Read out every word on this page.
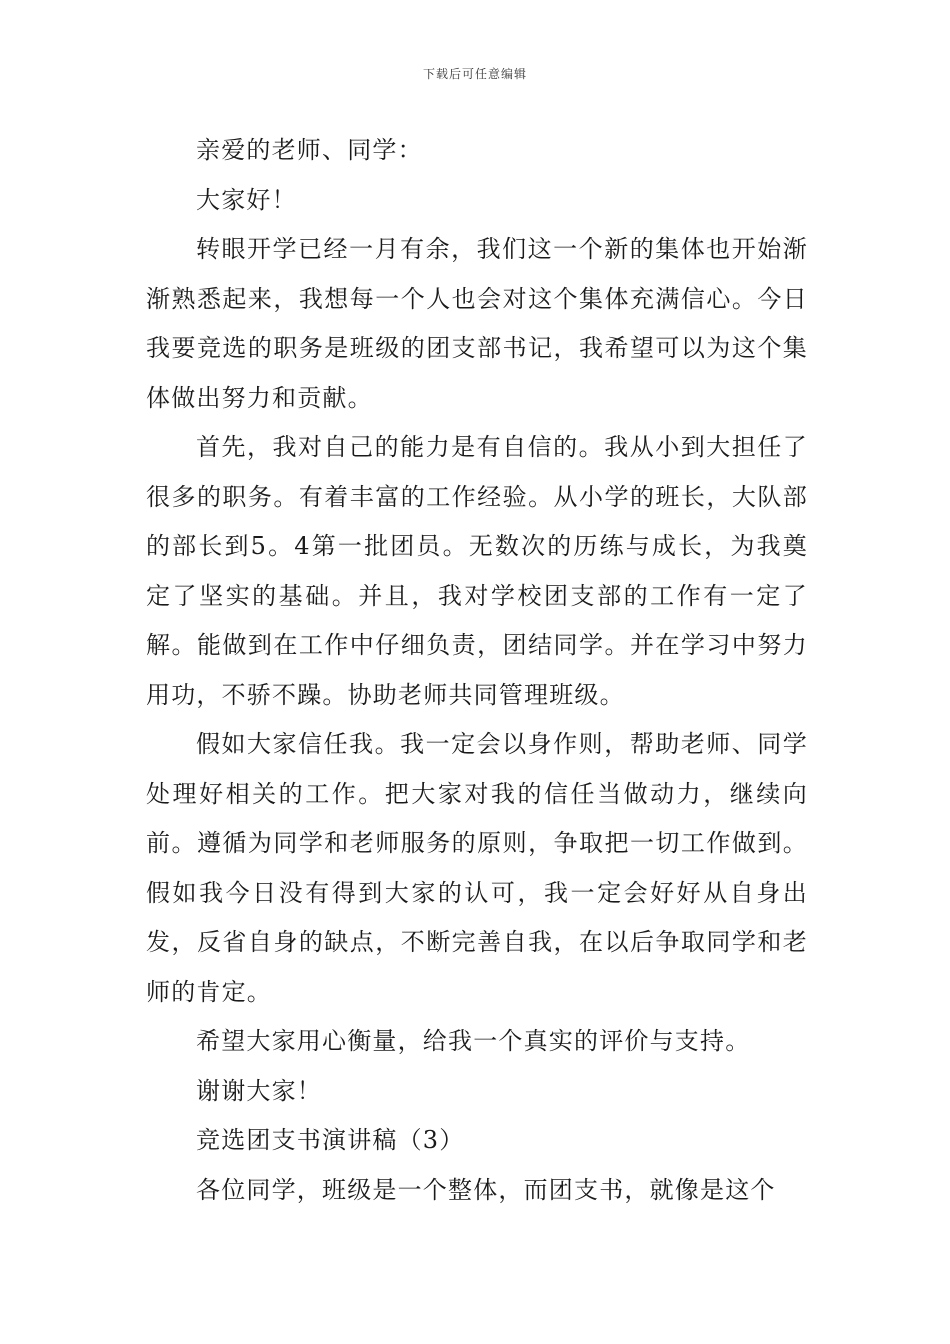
下载后可任意编辑

亲爱的老师、同学：

大家好！

转眼开学已经一月有余，我们这一个新的集体也开始渐渐熟悉起来，我想每一个人也会对这个集体充满信心。今日我要竞选的职务是班级的团支部书记，我希望可以为这个集体做出努力和贡献。

首先，我对自己的能力是有自信的。我从小到大担任了很多的职务。有着丰富的工作经验。从小学的班长，大队部的部长到5。4第一批团员。无数次的历练与成长，为我奠定了坚实的基础。并且，我对学校团支部的工作有一定了解。能做到在工作中仔细负责，团结同学。并在学习中努力用功，不骄不躁。协助老师共同管理班级。

假如大家信任我。我一定会以身作则，帮助老师、同学处理好相关的工作。把大家对我的信任当做动力，继续向前。遵循为同学和老师服务的原则，争取把一切工作做到。假如我今日没有得到大家的认可，我一定会好好从自身出发，反省自身的缺点，不断完善自我，在以后争取同学和老师的肯定。

希望大家用心衡量，给我一个真实的评价与支持。

谢谢大家！

竞选团支书演讲稿（3）

各位同学，班级是一个整体，而团支书，就像是这个
